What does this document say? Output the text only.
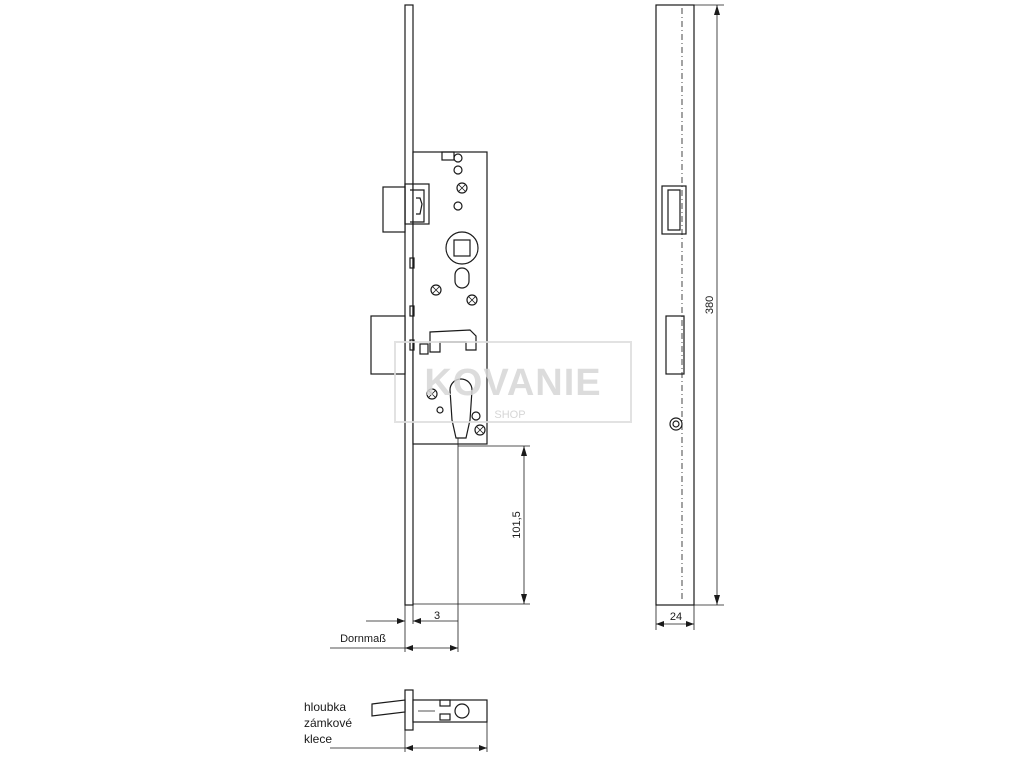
101,5
3
Dornmaß
380
24
hloubka
zámkové
klece
KOVANIE
SHOP
